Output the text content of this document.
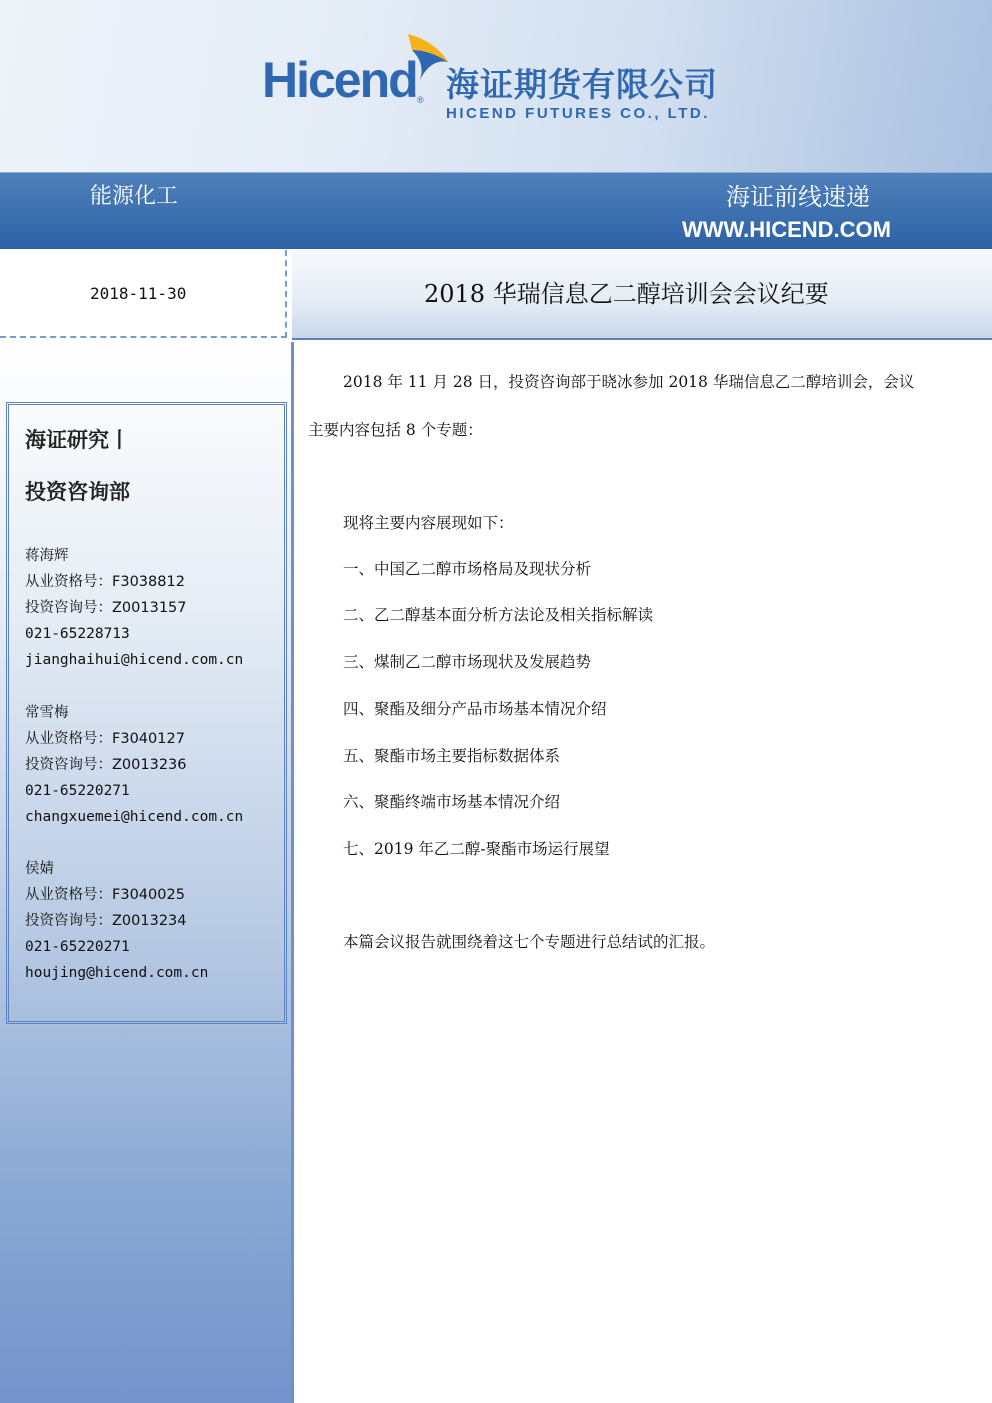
Hicend ® 海证期货有限公司
HICEND FUTURES CO., LTD.
能源化工	海证前线速递
WWW.HICEND.COM
2018-11-30	2018 华瑞信息乙二醇培训会会议纪要
海证研究丨
投资咨询部
蒋海辉
从业资格号：F3038812
投资咨询号：Z0013157
021-65228713
jianghaihui@hicend.com.cn
常雪梅
从业资格号：F3040127
投资咨询号：Z0013236
021-65220271
changxuemei@hicend.com.cn
侯婧
从业资格号：F3040025
投资咨询号：Z0013234
021-65220271
houjing@hicend.com.cn
2018 年 11 月 28 日，投资咨询部于晓冰参加 2018 华瑞信息乙二醇培训会，会议
主要内容包括 8 个专题：
现将主要内容展现如下：
一、中国乙二醇市场格局及现状分析
二、乙二醇基本面分析方法论及相关指标解读
三、煤制乙二醇市场现状及发展趋势
四、聚酯及细分产品市场基本情况介绍
五、聚酯市场主要指标数据体系
六、聚酯终端市场基本情况介绍
七、2019 年乙二醇-聚酯市场运行展望
本篇会议报告就围绕着这七个专题进行总结试的汇报。
